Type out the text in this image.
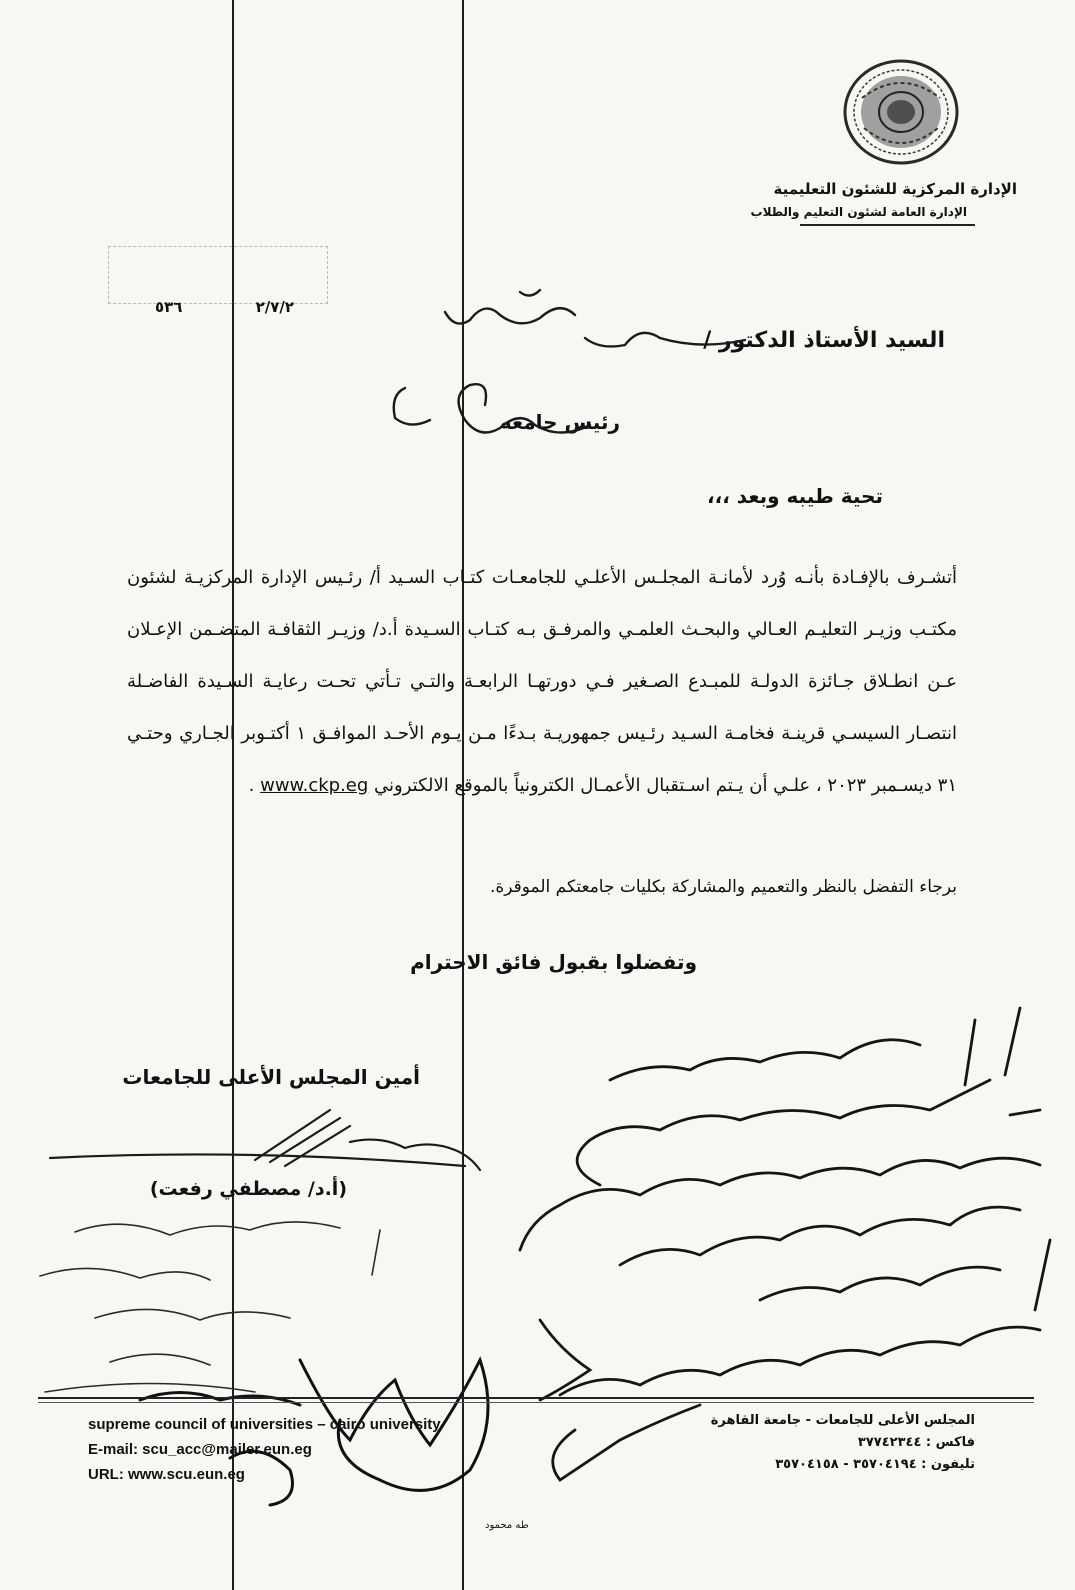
الإدارة المركزية للشئون التعليمية
الإدارة العامة لشئون التعليم والطلاب
٢/٧/٢              ٥٣٦
السيد الأستاذ الدكتور /
رئيس جامعه
تحية طيبه وبعد ،،،
أتشـرف بالإفـادة بأنـه وُرد لأمانـة المجلـس الأعلـي للجامعـات كتـاب السـيد أ/ رئـيس الإدارة المركزيـة لشئون مكتـب وزيـر التعليـم العـالي والبحـث العلمـي والمرفـق بـه كتـاب السـيدة أ.د/ وزيـر الثقافـة المتضـمن الإعـلان عـن انطـلاق جـائزة الدولـة للمبـدع الصـغير فـي دورتهـا الرابعـة والتـي تـأتي تحـت رعايـة السـيدة الفاضـلة انتصـار السيسـي قرينـة فخامـة السـيد رئـيس جمهوريـة بـدءًا مـن يـوم الأحـد الموافـق ١ أكتـوبر الجـاري وحتـي ٣١ ديسـمبر ٢٠٢٣ ، علـي أن يـتم اسـتقبال الأعمـال الكترونياً بالموقع الالكتروني www.ckp.eg .
برجاء التفضل بالنظر والتعميم والمشاركة بكليات جامعتكم الموقرة.
وتفضلوا بقبول فائق الاحترام
أمين المجلس الأعلى للجامعات
(أ.د/ مصطفي رفعت)
supreme council of universities – cairo university
E-mail: scu_acc@mailer.eun.eg
URL: www.scu.eun.eg
المجلس الأعلى للجامعات - جامعة القاهرة
فاكس : ٣٧٧٤٢٣٤٤
تليفون : ٣٥٧٠٤١٩٤ - ٣٥٧٠٤١٥٨
طه محمود
